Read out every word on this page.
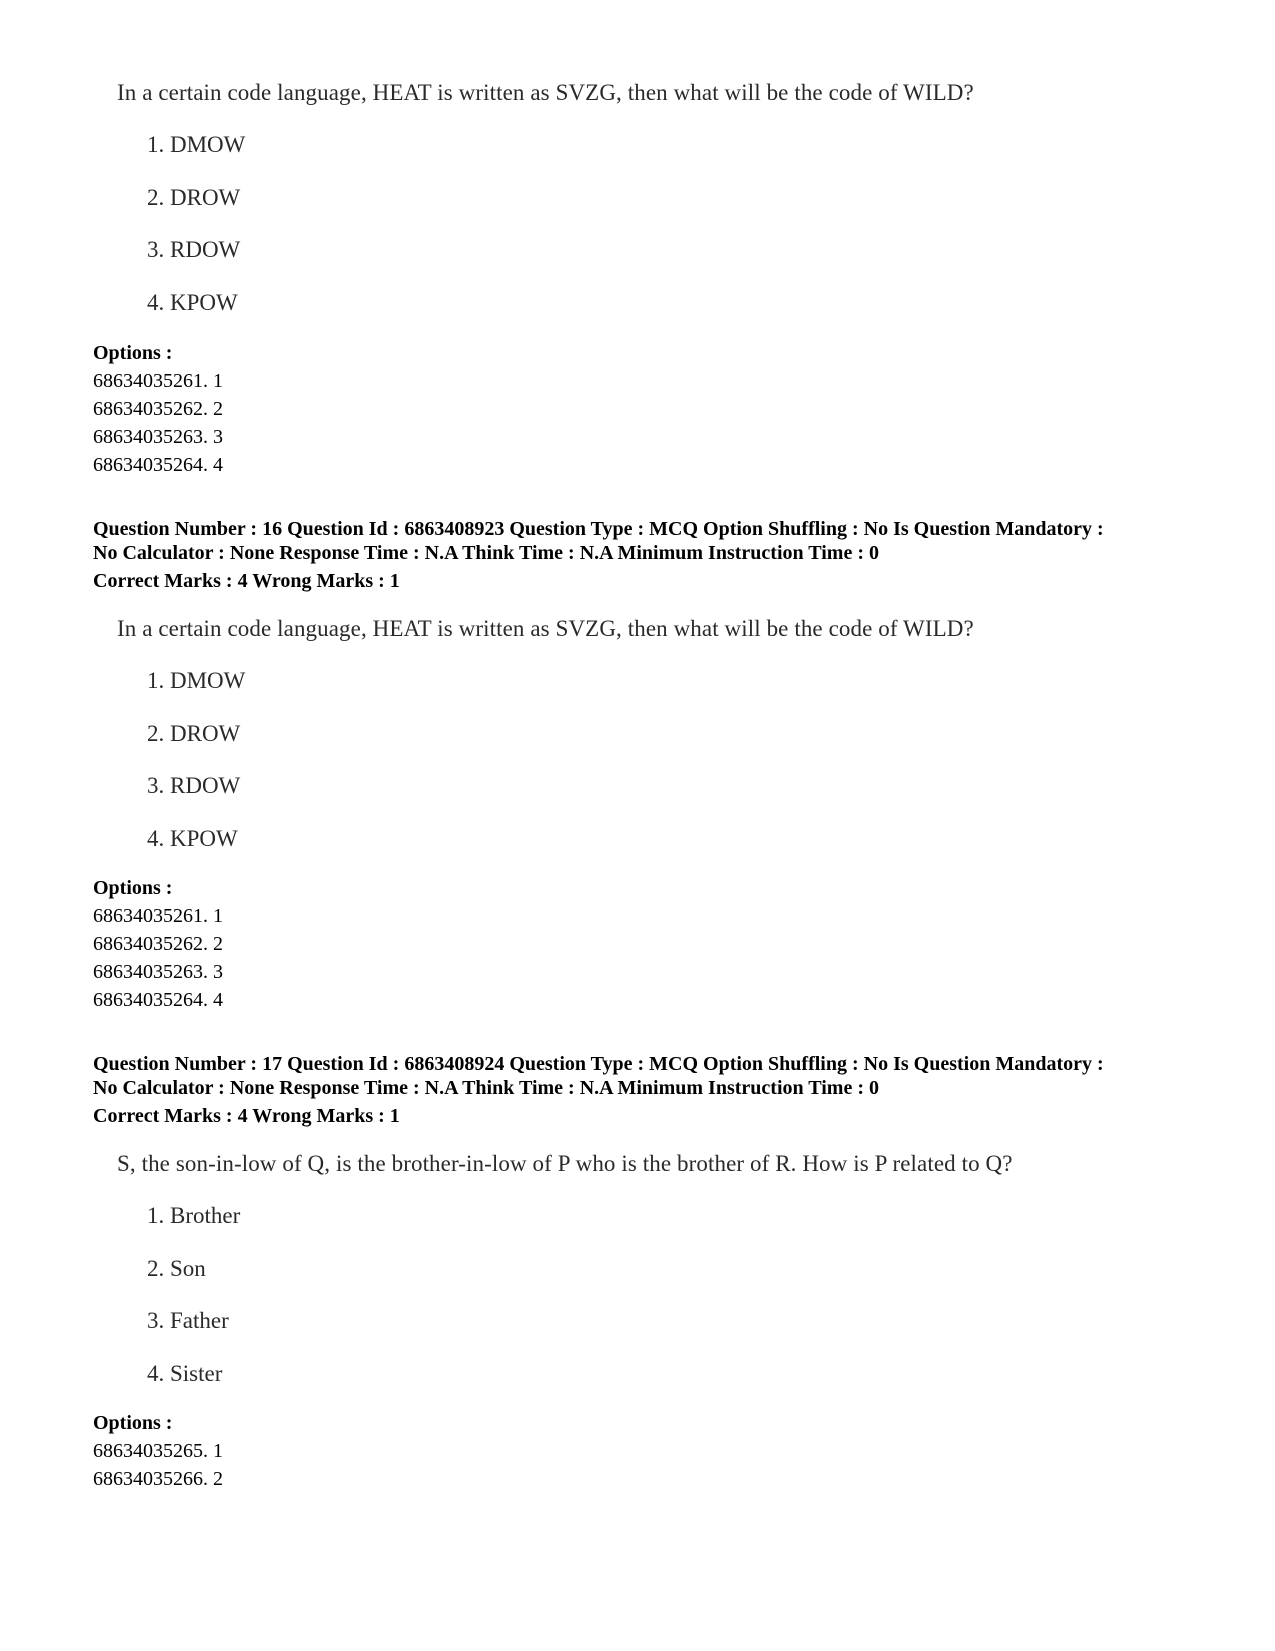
In a certain code language, HEAT is written as SVZG, then what will be the code of WILD?
1. DMOW
2. DROW
3. RDOW
4. KPOW
Options :
68634035261. 1
68634035262. 2
68634035263. 3
68634035264. 4
Question Number : 16 Question Id : 6863408923 Question Type : MCQ Option Shuffling : No Is Question Mandatory :
No Calculator : None Response Time : N.A Think Time : N.A Minimum Instruction Time : 0
Correct Marks : 4 Wrong Marks : 1
In a certain code language, HEAT is written as SVZG, then what will be the code of WILD?
1. DMOW
2. DROW
3. RDOW
4. KPOW
Options :
68634035261. 1
68634035262. 2
68634035263. 3
68634035264. 4
Question Number : 17 Question Id : 6863408924 Question Type : MCQ Option Shuffling : No Is Question Mandatory :
No Calculator : None Response Time : N.A Think Time : N.A Minimum Instruction Time : 0
Correct Marks : 4 Wrong Marks : 1
S, the son-in-low of Q, is the brother-in-low of P who is the brother of R. How is P related to Q?
1. Brother
2. Son
3. Father
4. Sister
Options :
68634035265. 1
68634035266. 2
